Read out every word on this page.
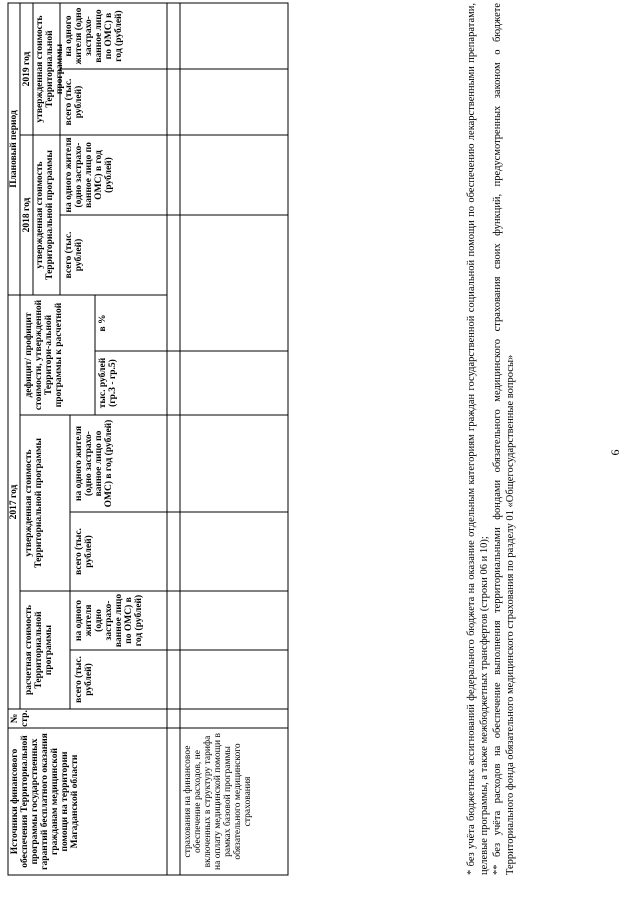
6
Источники финансового обеспечения Территориальной программы государственных гарантий бесплатного оказания гражданам медицинской помощи на территории Магаданской области
№ стр.
2017 год
Плановый период
2018 год
2019 год
расчетная стоимость Территориальной программы
утвержденная стоимость Территориальной программы
дефицит/ профицит стоимости, утвержденной Территори-альной программы к расчетной
утвержденная стоимость Территориальной программы
утвержденная стоимость Территориальной программы
всего (тыс. рублей)
на одного жителя (одно застрахо-ванное лицо по ОМС) в год (рублей)
всего (тыс. рублей)
на одного жителя (одно застрахо-ванное лицо по ОМС) в год (рублей)
тыс. рублей (гр.3 - гр.5)
в %
всего (тыс. рублей)
на одного жителя (одно застрахо-ванное лицо по ОМС) в год (рублей)
всего (тыс. рублей)
на одного жителя (одно застрахо-ванное лицо по ОМС) в год (рублей)
страхования на финансовое обеспечение расходов, не включенных в структуру тарифа на оплату медицинской помощи в рамках базовой программы обязательного медицинского страхования	* без учёта бюджетных ассигнований федерального бюджета на оказание отдельным категориям граждан государственной социальной помощи по обеспечению лекарственными препаратами, целевые программы, а также межбюджетных трансфертов (строки 06 и 10); ** без учёта расходов на обеспечение выполнения территориальными фондами обязательного медицинского страхования своих функций, предусмотренных законом о бюджете Территориального фонда обязательного медицинского страхования по разделу 01 «Общегосударственные вопросы»
